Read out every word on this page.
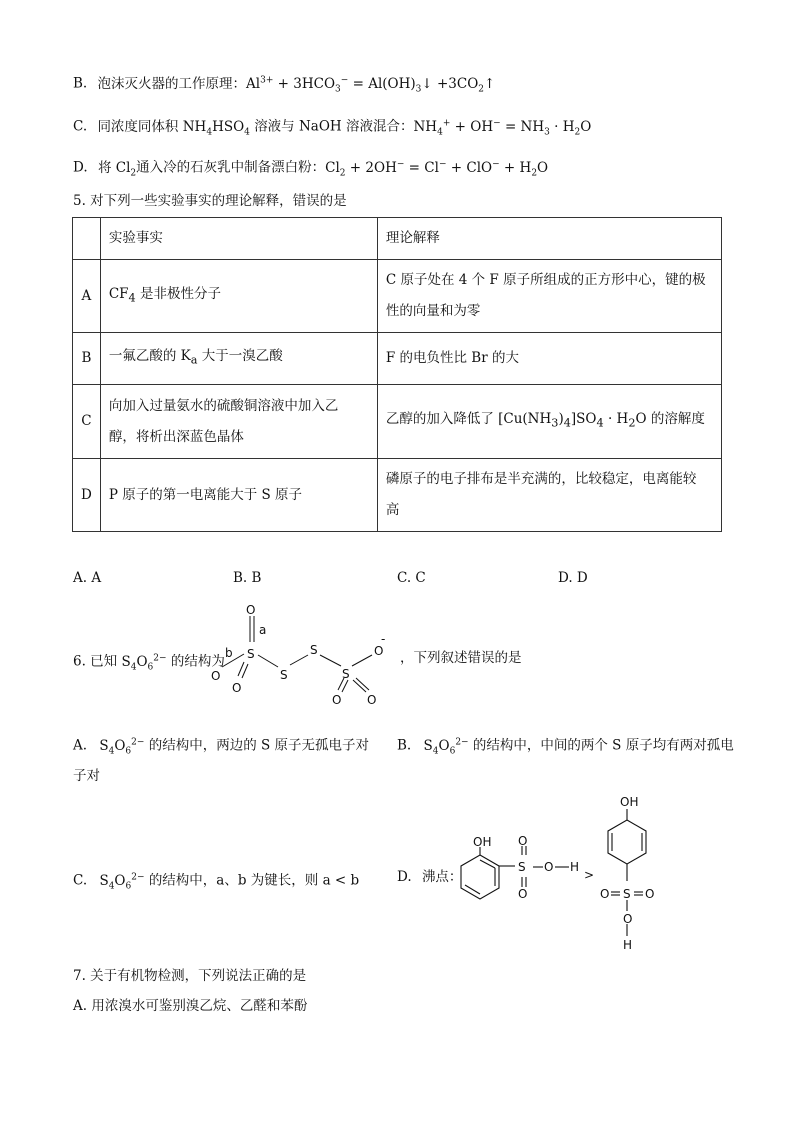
B. 泡沫灭火器的工作原理：$Al^{3+} + 3HCO_3^-$ = $Al(OH)_3↓$ $+3CO_2↑$
C. 同浓度同体积 $NH_4HSO_4$ 溶液与 NaOH 溶液混合：$NH_4^+ + OH^- = NH_3 \cdot H_2O$
D. 将 $Cl_2$通入冷的石灰乳中制备漂白粉：$Cl_2 + 2OH^- = Cl^- + ClO^- + H_2O$
5. 对下列一些实验事实的理论解释，错误的是
	实验事实	理论解释
A	$CF_4$ 是非极性分子	C 原子处在 4 个 F 原子所组成的正方形中心，键的极
性的向量和为零
B	一氟乙酸的 $K_a$ 大于一溴乙酸	F 的电负性比 Br 的大
C	向加入过量氨水的硫酸铜溶液中加入乙
醇，将析出深蓝色晶体	乙醇的加入降低了 $[Cu(NH_3)_4]SO_4 \cdot H_2O$ 的溶解度
D	P 原子的第一电离能大于 S 原子	磷原子的电子排布是半充满的，比较稳定，电离能较
高
A. A	B. B	C. C	D. D
6. 已知 $S_4O_6^{2-}$ 的结构为	，下列叙述错误的是
O
a
b S
O
O
S
S
S
O
-
O O
A. $S_4O_6^{2-}$ 的结构中，两边的 S 原子无孤电子对 B. $S_4O_6^{2-}$ 的结构中，中间的两个 S 原子均有两对孤电
子对
C. $S_4O_6^{2-}$ 的结构中，a、b 为键长，则 a < b	D. 沸点：
OH O
S
O
O H
>
OH
S
O	O
O
H
7. 关于有机物检测，下列说法正确的是
A. 用浓溴水可鉴别溴乙烷、乙醛和苯酚
